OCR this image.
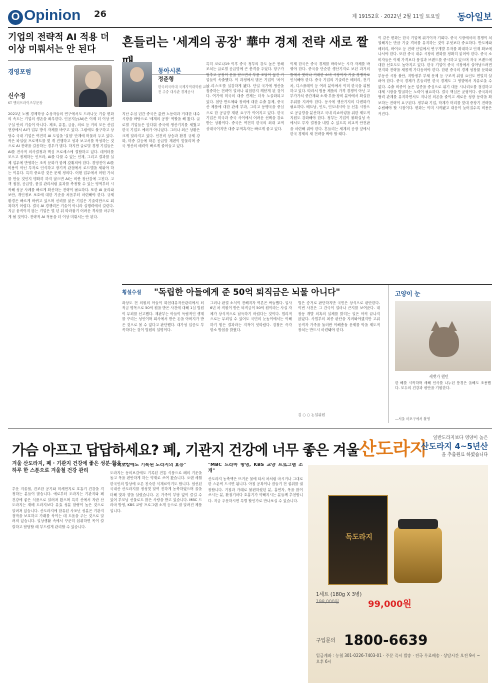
O Opinion 26	제 19152호 · 2022년 2월 11일 토요일 동아일보
기업의 전략적 AI 적용 더 이상 미뤄서는 안 된다
경영포럼
신수정
KT 엔터프라이즈부문장

2021년 노벨 경제학상 수상자들의 연구에서도 드러나듯 기술 변화의 속도는 기업의 생존을 좌우한다. 인공지능(AI)은 이제 더 이상 연구실 안의 기술이 아니다. 제조, 유통, 금융, 의료 등 거의 모든 산업 현장에서 AI가 업무 방식 자체를 바꾸고 있다. 그럼에도 불구하고 상당수 국내 기업은 여전히 AI 도입을 '실험' 단계에 머물러 두고 있다. 작은 파일럿 프로젝트를 몇 개 진행하고 성과 보고서를 작성하는 것으로 AI 전략을 갈음하는 경우가 많다. 하지만 글로벌 경쟁 기업들은 AI를 전사적 의사결정과 핵심 프로세스에 결합하고 있다. 데이터를 모으고 정제하는 인프라, AI를 다룰 수 있는 인재, 그리고 결과를 실제 업무에 반영하는 조직 문화가 함께 갖춰져야 한다. 경영진이 AI를 비용이 아닌 투자로 인식하고 장기적 관점에서 로드맵을 세워야 하는 이유다. 특히 중요한 것은 문제 정의다. 어떤 업무에서 어떤 가치를 만들 것인지 명확히 하지 않으면 AI는 비싼 장난감에 그친다. 고객 접점, 공급망, 품질 관리처럼 효과를 측정할 수 있는 영역부터 시작해 성공 사례를 빠르게 확산하는 전략이 필요하다. 또한 AI 윤리와 보안, 개인정보 보호에 대한 기준을 처음부터 마련해야 한다. 규제 환경은 빠르게 바뀌고 있으며 신뢰를 잃은 기업은 기술력만으로 회복하기 어렵다. 결국 AI 경쟁력은 기술이 아니라 실행력에서 갈린다. 지금 움직이지 않는 기업은 몇 년 뒤 따라잡기 어려운 격차를 마주하게 될 것이다. 전략적 AI 적용을 더 이상 미뤄서는 안 된다.

흔들리는 '세계의 공장' 華中 경제 전략 새로 짤
동아시론
정준형
한국외국어대 국제지역대학원 교수 · 전 주중 대사관 경제공사
지난 수십 년간 중국은 값싼 노동력과 거대한 내수 시장을 바탕으로 '세계의 공장' 역할을 해 왔다. 글로벌 기업들은 앞다퉈 중국에 생산기지를 세웠고 한국 기업도 예외가 아니었다. 그러나 최근 상황은 크게 달라지고 있다. 인건비 상승과 환경 규제 강화, 미중 갈등에 따른 공급망 재편이 맞물리며 중국 생산의 매력이 빠르게 줄어들고 있다.
특히 코로나19 이후 중국 정부의 강도 높은 봉쇄 조치는 글로벌 공급망에 큰 충격을 주었다. 항구가 멈추고 공장이 문을 닫으면서 부품 조달이 끊긴 기업들이 속출했다. 이 과정에서 많은 기업이 '차이나 리스크'를 실감하게 됐다. 단일 국가에 생산을 집중하는 전략이 얼마나 위험한지 깨닫게 된 것이다. 여기에 미국의 대중 견제는 더욱 노골화되고 있다. 첨단 반도체와 장비에 대한 수출 통제, 중국산 제품에 대한 관세 부과, 그리고 동맹국을 중심으로 한 공급망 재편 요구가 이어지고 있다. 한국 기업은 미국과 중국 사이에서 어려운 선택을 강요받는 상황이다. 중국은 여전히 한국의 최대 교역 상대국이지만 대중 무역흑자는 빠르게 줄고 있다.
이제 한국은 중국 경제를 바라보는 시각 자체를 바꿔야 한다. 중국을 단순한 생산기지로 보던 과거의 틀에서 벗어나 거대한 소비 시장이자 기술 경쟁자로 인식해야 한다. 중국 기업의 기술력은 배터리, 전기차, 디스플레이 등 여러 분야에서 이미 한국을 위협하고 있다. 따라서 범용 제품의 가격 경쟁이 아닌 고부가가치 중간재와 소재·부품·장비 분야에서 확실한 우위를 지켜야 한다. 동시에 생산기지의 다변화가 필요하다. 베트남, 인도, 인도네시아 등 신흥 시장으로 공급망을 분산하고 국내 리쇼어링을 위한 제도적 지원도 강화해야 한다. 정부는 기업이 불확실성 속에서도 투자 결정을 내릴 수 있도록 외교적 안전판을 마련해 줘야 한다. 흔들리는 세계의 공장 앞에서 한국 경제의 새 전략을 짜야 할 때다.
이 같은 변화는 한국 기업에 위기이자 기회다. 중국 시장에서의 경쟁이 치열해지는 만큼 기술 격차를 유지하는 것이 무엇보다 중요하다. 반도체와 배터리, 바이오 등 전략 산업에서 연구개발 투자를 확대하고 인재 확보에 나서야 한다. 또한 중국 내수 시장의 변화를 정확히 읽어야 한다. 중국 소비자들은 이제 가격보다 품질과 브랜드를 중시하고 있으며 자국 브랜드에 대한 선호도도 높아지고 있다. 한국 기업이 중국 시장에서 살아남으려면 현지화 전략을 새롭게 가다듬어야 한다. 한편 중국의 경제 성장률 둔화와 부동산 시장 불안, 지방정부 부채 문제 등 구조적 위험 요인도 면밀히 살펴야 한다. 중국 경제가 흔들리면 한국 경제도 그 영향에서 자유로울 수 없다. 수출 비중이 높은 업종을 중심으로 위기 대응 시나리오를 점검하고 대체 시장을 발굴하는 노력이 필요하다. 결국 핵심은 균형이다. 중국과의 협력 관계를 유지하면서도 지나친 의존을 줄이고 새로운 성장 동력을 확보하는 전략이 요구된다. 정부와 기업, 학계가 머리를 맞대 중장기 전략을 수립해야 할 시점이다. 변화는 이미 시작됐고 대응이 늦어질수록 비용은 커진다.
횡설수설 "독립한 아들에게 준 50억 퇴직금은 뇌물 아니다"
곽상도 전 의원의 아들이 화천대유자산관리에서 퇴직금 명목으로 50억 원을 받은 사건에 대해 1심 법원이 무죄를 선고했다. 재판부는 아들이 독립적인 생계를 꾸리는 성인이며 회사에서 받은 돈을 아버지가 받은 것으로 볼 수 없다고 판단했다. 대가성 입증도 부족하다는 것이 법원의 설명이다.
그러나 판결 소식이 전해지자 여론은 싸늘했다. 입사 6년 차 직원이 받은 퇴직금이 50억 원이라는 사실 자체가 상식적으로 납득하기 어렵다는 것이다. 법리적으로는 무죄일 수 있어도 국민의 눈높이에서는 이해하기 힘든 결과라는 지적이 잇따랐다. 검찰은 즉각 항소 방침을 밝혔다.
법은 증거로 판단하지만 국민은 상식으로 판단한다. 이번 사건은 그 간극이 얼마나 큰지를 보여준다. 대장동 개발 의혹의 실체를 밝히는 일은 아직 끝나지 않았다. 사법부의 최종 판단을 지켜봐야겠지만 고위 공직자 가족을 둘러싼 이해충돌 문제를 막을 제도적 장치는 반드시 마련돼야 한다.
김 ○ ○ 논설위원
고양이 눈
세뱃가 했던
한 해를 시작하며 새해 인사를 나누던 풍경은 올해도 조용했다. 모두의 건강과 평안을 기원한다.
—서울 마포구에서 촬영
가슴 아프고 답답하세요? 폐, 기관지 건강에 너무 좋은 겨울산도라지
일반도라지보다 영양이 높은
산도라지 4~5년산
을 추출원료 하였습니다
겨울 산도라지, 폐 · 기관지 건강에 좋은 성분 함유 — 하루 한 스푼으로 겨울철 건강 관리
추운 겨울철, 건조한 공기와 미세먼지로 호흡기 건강을 걱정하는 분들이 많습니다. 예로부터 도라지는 기관지와 폐 건강에 좋은 식품으로 알려져 왔으며 특히 산에서 자란 산도라지는 재배 도라지보다 유효 성분 함량이 높은 것으로 알려져 있습니다. 산도라지에 함유된 사포닌 성분은 기관지 점막을 보호하고 가래를 삭이는 데 도움을 주는 것으로 알려져 있습니다. 일상생활 속에서 꾸준히 섭취하면 목이 칼칼하고 답답할 때 부드럽게 관리할 수 있습니다.
"동의보감에도 기록된 도라지의 효능"

도라지는 동의보감에도 기록된 전통 식품으로 폐의 기운을 돕고 목을 편안하게 하는 약재로 쓰여 왔습니다. 오랜 세월 한국인의 밥상에 오른 친숙한 식재료이기도 합니다. 엄선된 국내산 산도라지를 정성껏 달여 진하게 농축하였으며 꿀을 더해 맛과 향을 살렸습니다. 온 가족이 부담 없이 즐길 수 있어 부모님 선물로도 많은 사랑을 받고 있습니다. MBC 드라마 방영, KBS 교양 프로그램 소개 등으로 잘 알려진 제품입니다.

"MBC 드라마 방영, KBS 교양 프로그램 소개"

산도라지 농축액은 뜨거운 물에 타서 차처럼 마시거나 그대로 한 스푼씩 드시면 됩니다. 아침 공복이나 잠들기 전 섭취를 권장합니다. 기침과 가래로 불편하셨던 분, 흡연자, 목을 많이 쓰시는 분, 환절기마다 호흡기가 약해지시는 분들께 추천합니다. 지금 주문하시면 특별 할인가로 만나보실 수 있습니다.

독도라지
1세트 (180g X 3병)
198,000원	99,000원
구입문의 1800-6639
입금계좌 : 농협 301-0226-7403-01 · 주문 즉시 발송 · 전국 무료배송 · 상담시간 오전 9시 ~ 오후 6시
